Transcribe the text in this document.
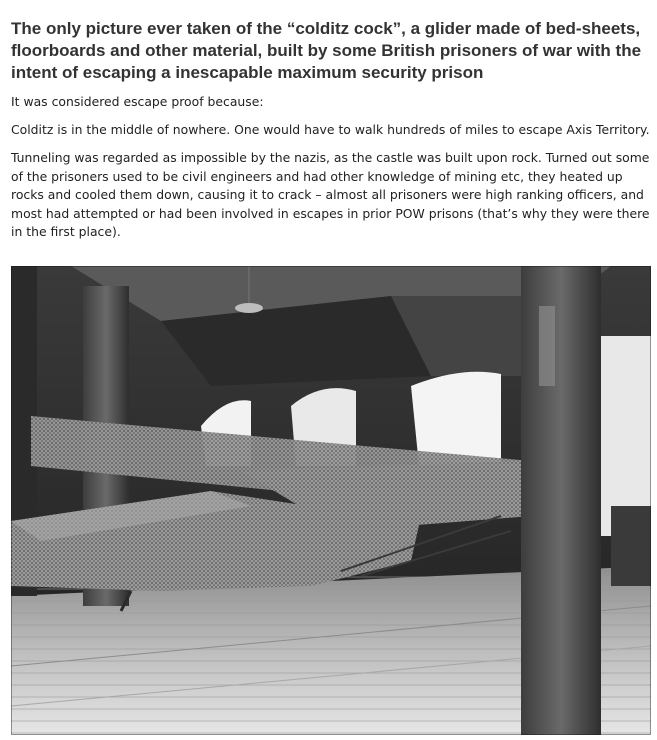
The only picture ever taken of the “colditz cock”, a glider made of bed-sheets, floorboards and other material, built by some British prisoners of war with the intent of escaping a inescapable maximum security prison

It was considered escape proof because:

Colditz is in the middle of nowhere. One would have to walk hundreds of miles to escape Axis Territory.

Tunneling was regarded as impossible by the nazis, as the castle was built upon rock. Turned out some of the prisoners used to be civil engineers and had other knowledge of mining etc, they heated up rocks and cooled them down, causing it to crack – almost all prisoners were high ranking officers, and most had attempted or had been involved in escapes in prior POW prisons (that’s why they were there in the first place).
